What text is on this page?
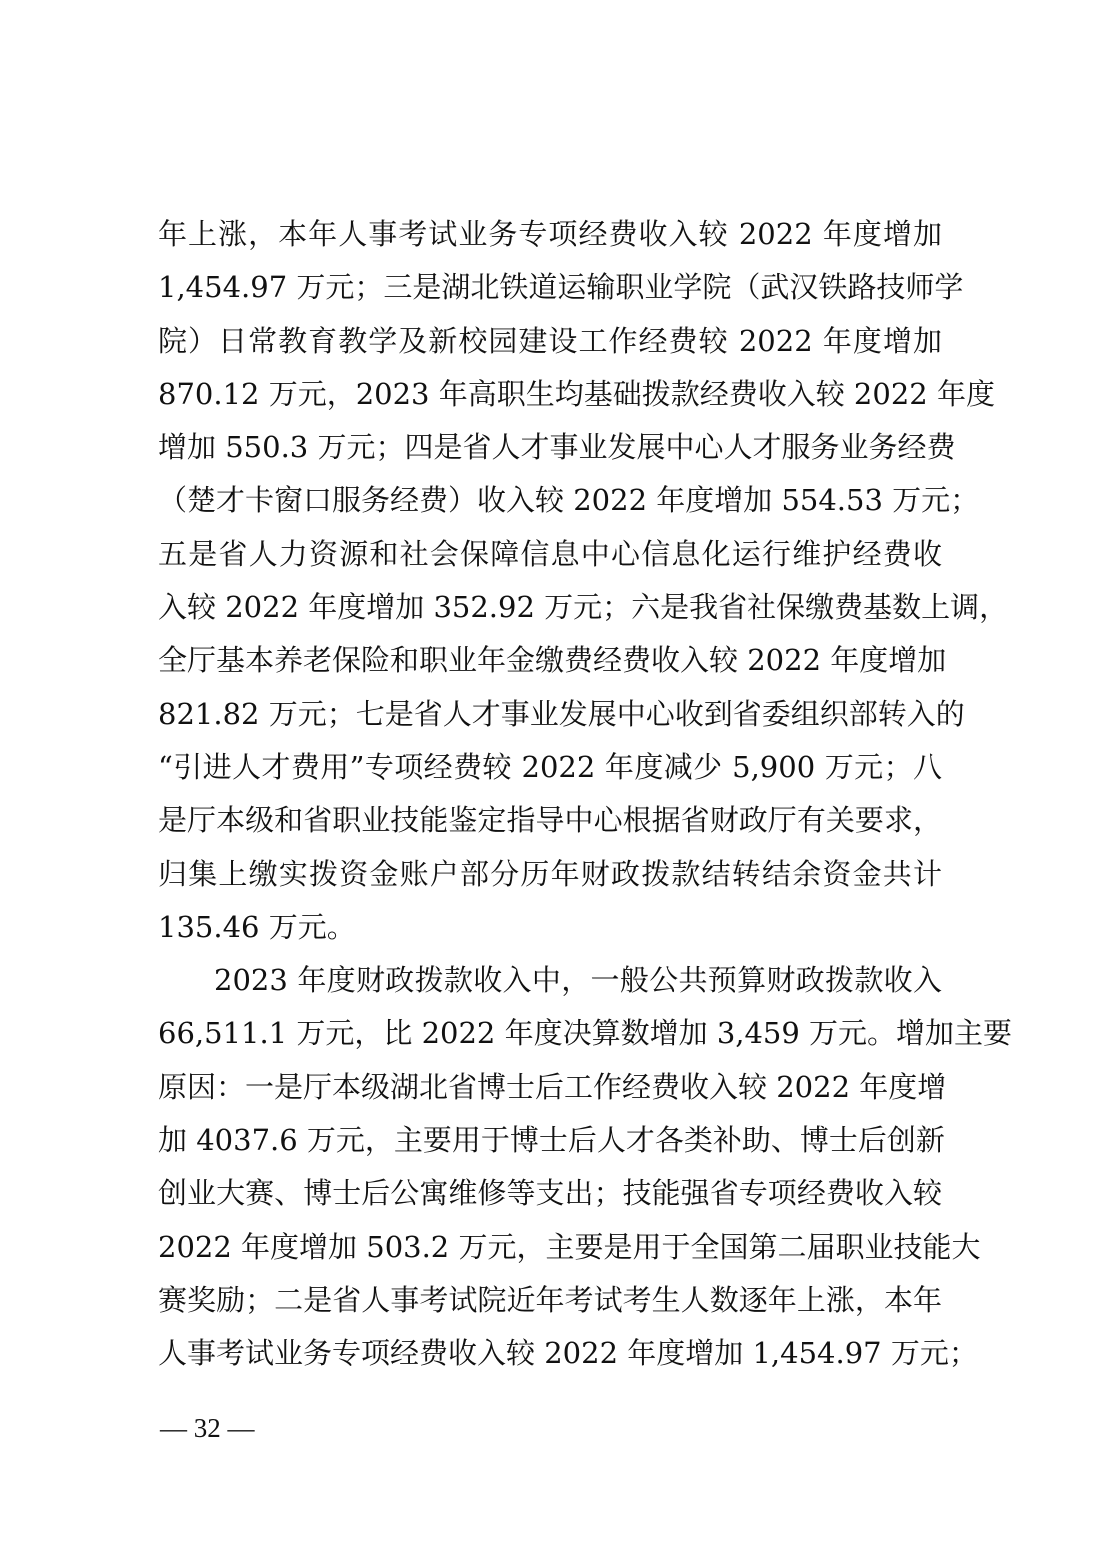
年上涨，本年人事考试业务专项经费收入较 2022 年度增加
1,454.97 万元；三是湖北铁道运输职业学院（武汉铁路技师学
院）日常教育教学及新校园建设工作经费较 2022 年度增加
870.12 万元，2023 年高职生均基础拨款经费收入较 2022 年度
增加 550.3 万元；四是省人才事业发展中心人才服务业务经费
（楚才卡窗口服务经费）收入较 2022 年度增加 554.53 万元；
五是省人力资源和社会保障信息中心信息化运行维护经费收
入较 2022 年度增加 352.92 万元；六是我省社保缴费基数上调，
全厅基本养老保险和职业年金缴费经费收入较 2022 年度增加
821.82 万元；七是省人才事业发展中心收到省委组织部转入的
“引进人才费用”专项经费较 2022 年度减少 5,900 万元；八
是厅本级和省职业技能鉴定指导中心根据省财政厅有关要求，
归集上缴实拨资金账户部分历年财政拨款结转结余资金共计
135.46 万元。
2023 年度财政拨款收入中，一般公共预算财政拨款收入
66,511.1 万元，比 2022 年度决算数增加 3,459 万元。增加主要
原因：一是厅本级湖北省博士后工作经费收入较 2022 年度增
加 4037.6 万元，主要用于博士后人才各类补助、博士后创新
创业大赛、博士后公寓维修等支出；技能强省专项经费收入较
2022 年度增加 503.2 万元，主要是用于全国第二届职业技能大
赛奖励；二是省人事考试院近年考试考生人数逐年上涨，本年
人事考试业务专项经费收入较 2022 年度增加 1,454.97 万元；
— 32 —
